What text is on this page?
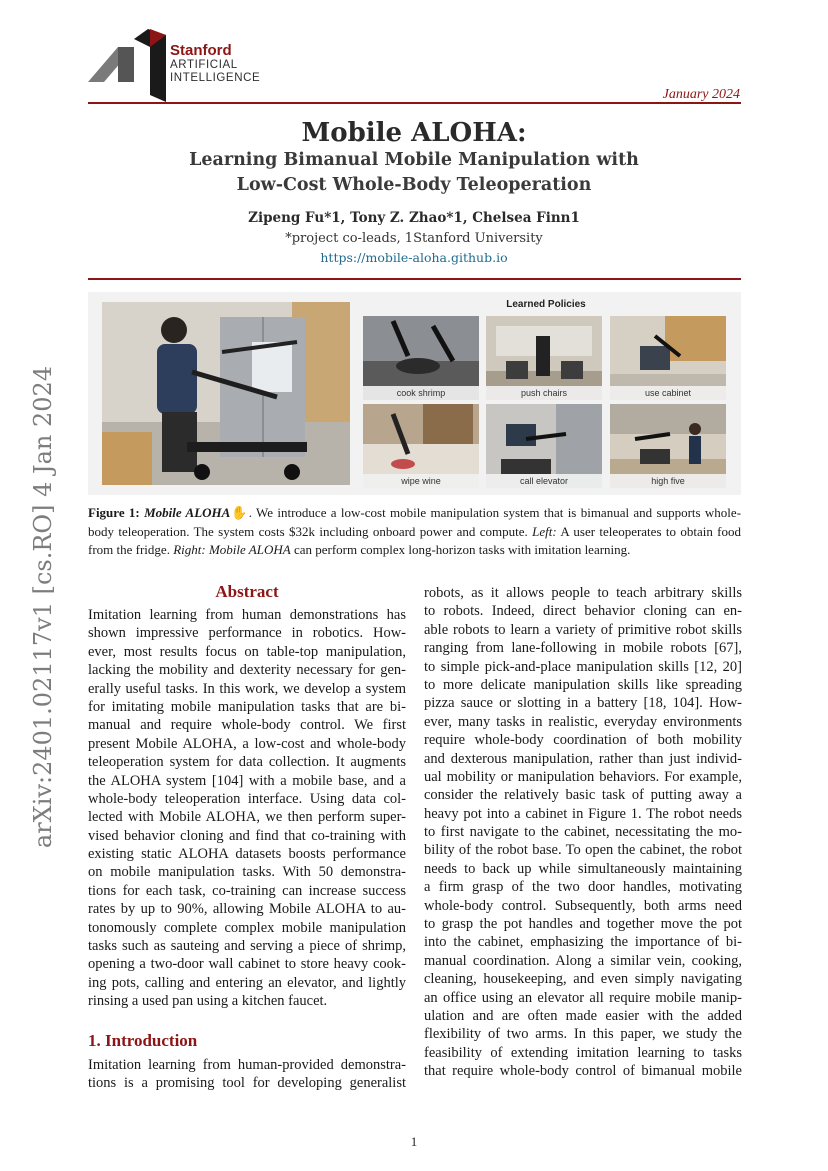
Stanford
ARTIFICIAL
INTELLIGENCE
January 2024
Mobile ALOHA:
Learning Bimanual Mobile Manipulation with
Low-Cost Whole-Body Teleoperation
Zipeng Fu*1, Tony Z. Zhao*1, Chelsea Finn1
*project co-leads, 1Stanford University
https://mobile-aloha.github.io
arXiv:2401.02117v1 [cs.RO] 4 Jan 2024
Learned Policies
cook shrimp	push chairs	use cabinet
wipe wine	call elevator	high five
Figure 1: Mobile ALOHA✋. We introduce a low-cost mobile manipulation system that is bimanual and supports whole-body teleoperation. The system costs $32k including onboard power and compute. Left: A user teleoperates to obtain food from the fridge. Right: Mobile ALOHA can perform complex long-horizon tasks with imitation learning.
Abstract
Imitation learning from human demonstrations has
shown impressive performance in robotics. How-
ever, most results focus on table-top manipulation,
lacking the mobility and dexterity necessary for gen-
erally useful tasks. In this work, we develop a system
for imitating mobile manipulation tasks that are bi-
manual and require whole-body control. We first
present Mobile ALOHA, a low-cost and whole-body
teleoperation system for data collection. It augments
the ALOHA system [104] with a mobile base, and a
whole-body teleoperation interface. Using data col-
lected with Mobile ALOHA, we then perform super-
vised behavior cloning and find that co-training with
existing static ALOHA datasets boosts performance
on mobile manipulation tasks. With 50 demonstra-
tions for each task, co-training can increase success
rates by up to 90%, allowing Mobile ALOHA to au-
tonomously complete complex mobile manipulation
tasks such as sauteing and serving a piece of shrimp,
opening a two-door wall cabinet to store heavy cook-
ing pots, calling and entering an elevator, and lightly
rinsing a used pan using a kitchen faucet.
1. Introduction
Imitation learning from human-provided demonstra-
tions is a promising tool for developing generalist
robots, as it allows people to teach arbitrary skills
to robots. Indeed, direct behavior cloning can en-
able robots to learn a variety of primitive robot skills
ranging from lane-following in mobile robots [67],
to simple pick-and-place manipulation skills [12, 20]
to more delicate manipulation skills like spreading
pizza sauce or slotting in a battery [18, 104]. How-
ever, many tasks in realistic, everyday environments
require whole-body coordination of both mobility
and dexterous manipulation, rather than just individ-
ual mobility or manipulation behaviors. For example,
consider the relatively basic task of putting away a
heavy pot into a cabinet in Figure 1. The robot needs
to first navigate to the cabinet, necessitating the mo-
bility of the robot base. To open the cabinet, the robot
needs to back up while simultaneously maintaining
a firm grasp of the two door handles, motivating
whole-body control. Subsequently, both arms need
to grasp the pot handles and together move the pot
into the cabinet, emphasizing the importance of bi-
manual coordination. Along a similar vein, cooking,
cleaning, housekeeping, and even simply navigating
an office using an elevator all require mobile manip-
ulation and are often made easier with the added
flexibility of two arms. In this paper, we study the
feasibility of extending imitation learning to tasks
that require whole-body control of bimanual mobile
1
